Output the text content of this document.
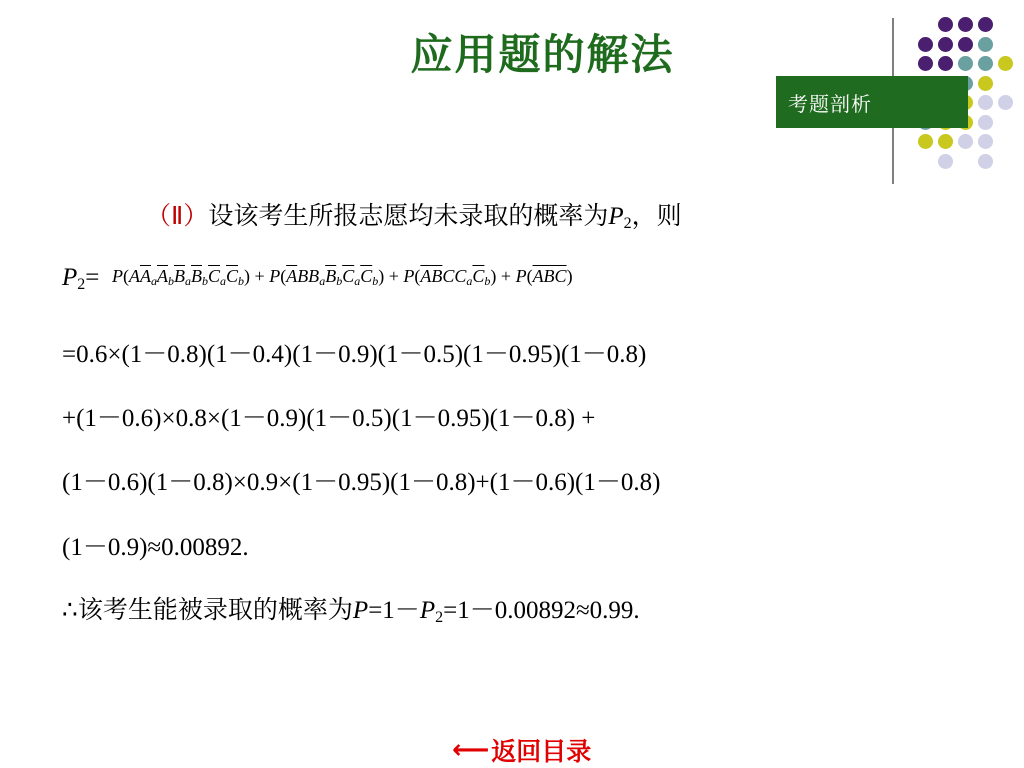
应用题的解法
考题剖析
（Ⅱ）设该考生所报志愿均未录取的概率为$P_2$，则
$P_2= P(A\overline{A}_a\overline{A}_b\overline{B}_a\overline{B}_b\overline{C}_a\overline{C}_b) + P(\overline{A}BB_a\overline{B}_b\overline{C}_a\overline{C}_b) + P(\overline{AB}CC_a\overline{C}_b) + P(\overline{ABC})$
=0.6×(1－0.8)(1－0.4)(1－0.9)(1－0.5)(1－0.95)(1－0.8)
+(1－0.6)×0.8×(1－0.9)(1－0.5)(1－0.95)(1－0.8) +
(1－0.6)(1－0.8)×0.9×(1－0.95)(1－0.8)+(1－0.6)(1－0.8)
(1－0.9)≈0.00892.
∴该考生能被录取的概率为$P=1-P_2=1-0.00892\approx 0.99$.
⟵ 返回目录
